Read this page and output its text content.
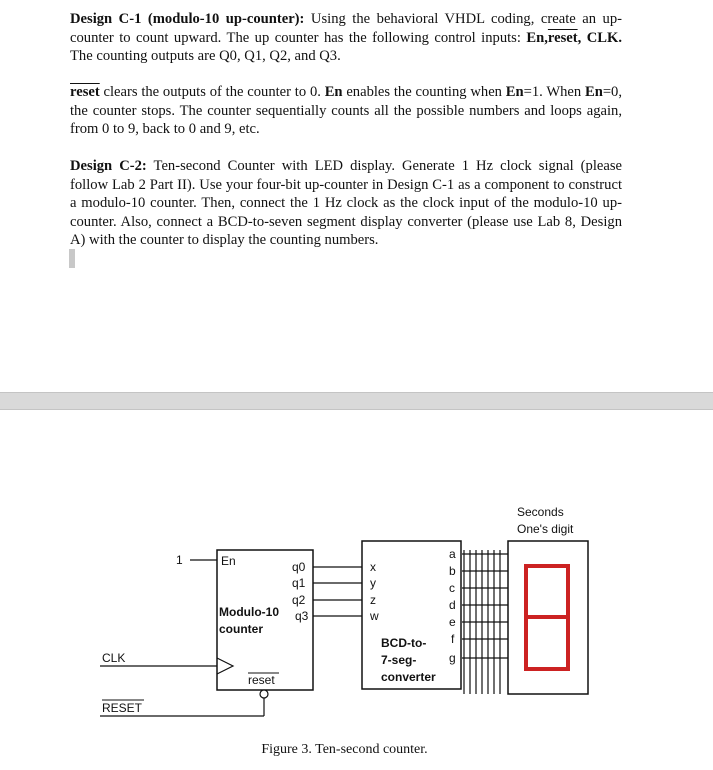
Design C-1 (modulo-10 up-counter): Using the behavioral VHDL coding, create an up-counter to count upward. The up counter has the following control inputs: En,reset, CLK. The counting outputs are Q0, Q1, Q2, and Q3.

reset clears the outputs of the counter to 0. En enables the counting when En=1. When En=0, the counter stops. The counter sequentially counts all the possible numbers and loops again, from 0 to 9, back to 0 and 9, etc.

Design C-2: Ten-second Counter with LED display. Generate 1 Hz clock signal (please follow Lab 2 Part II). Use your four-bit up-counter in Design C-1 as a component to construct a modulo-10 counter. Then, connect the 1 Hz clock as the clock input of the modulo-10 up-counter. Also, connect a BCD-to-seven segment display converter (please use Lab 8, Design A) with the counter to display the counting numbers.

1	En	q0
q1
q2
q3
Modulo-10
counter
CLK
reset
RESET
x
y
z
w
a
b
c
d
e
f
g
BCD-to-
7-seg-
converter
Seconds
One's digit

Figure 3. Ten-second counter.
